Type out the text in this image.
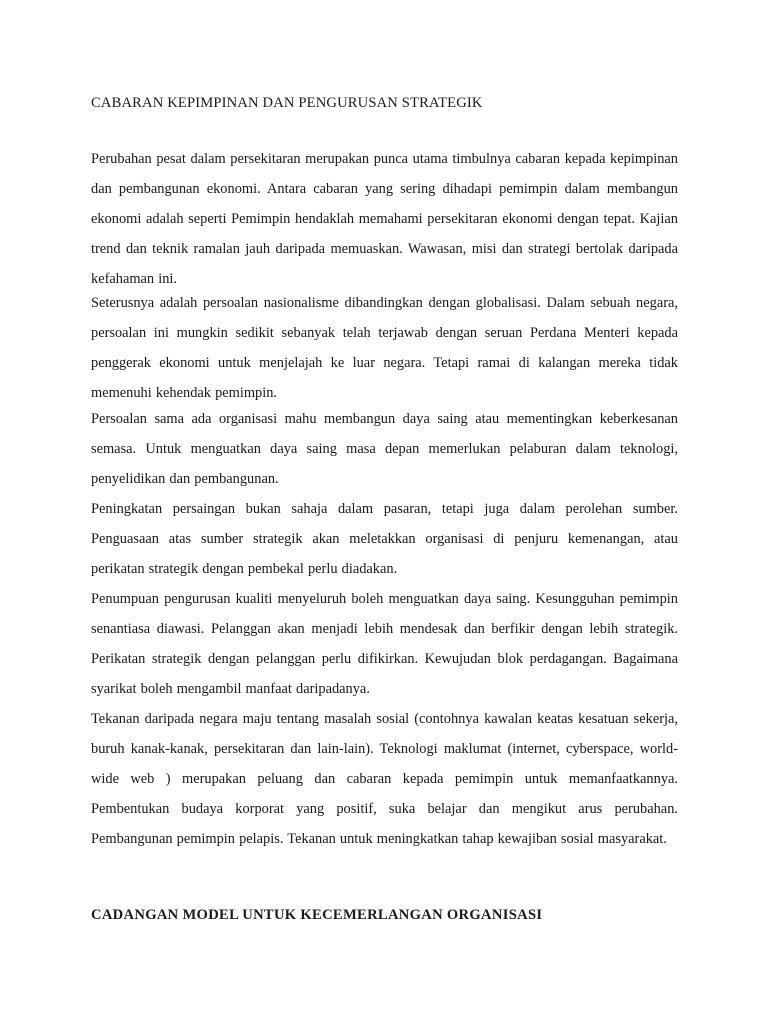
CABARAN KEPIMPINAN DAN PENGURUSAN STRATEGIK

Perubahan pesat dalam persekitaran merupakan punca utama timbulnya cabaran kepada kepimpinan dan pembangunan ekonomi. Antara cabaran yang sering dihadapi pemimpin dalam membangun ekonomi adalah seperti Pemimpin hendaklah memahami persekitaran ekonomi dengan tepat. Kajian trend dan teknik ramalan jauh daripada memuaskan. Wawasan, misi dan strategi bertolak daripada kefahaman ini.

Seterusnya adalah persoalan nasionalisme dibandingkan dengan globalisasi. Dalam sebuah negara, persoalan ini mungkin sedikit sebanyak telah terjawab dengan seruan Perdana Menteri kepada penggerak ekonomi untuk menjelajah ke luar negara. Tetapi ramai di kalangan mereka tidak memenuhi kehendak pemimpin.

Persoalan sama ada organisasi mahu membangun daya saing atau mementingkan keberkesanan semasa. Untuk menguatkan daya saing masa depan memerlukan pelaburan dalam teknologi, penyelidikan dan pembangunan.

Peningkatan persaingan bukan sahaja dalam pasaran, tetapi juga dalam perolehan sumber. Penguasaan atas sumber strategik akan meletakkan organisasi di penjuru kemenangan, atau perikatan strategik dengan pembekal perlu diadakan.

Penumpuan pengurusan kualiti menyeluruh boleh menguatkan daya saing. Kesungguhan pemimpin senantiasa diawasi. Pelanggan akan menjadi lebih mendesak dan berfikir dengan lebih strategik. Perikatan strategik dengan pelanggan perlu difikirkan. Kewujudan blok perdagangan. Bagaimana syarikat boleh mengambil manfaat daripadanya.

Tekanan daripada negara maju tentang masalah sosial (contohnya kawalan keatas kesatuan sekerja, buruh kanak-kanak, persekitaran dan lain-lain). Teknologi maklumat (internet, cyberspace, world-wide web ) merupakan peluang dan cabaran kepada pemimpin untuk memanfaatkannya. Pembentukan budaya korporat yang positif, suka belajar dan mengikut arus perubahan. Pembangunan pemimpin pelapis. Tekanan untuk meningkatkan tahap kewajiban sosial masyarakat.

CADANGAN MODEL UNTUK KECEMERLANGAN ORGANISASI
